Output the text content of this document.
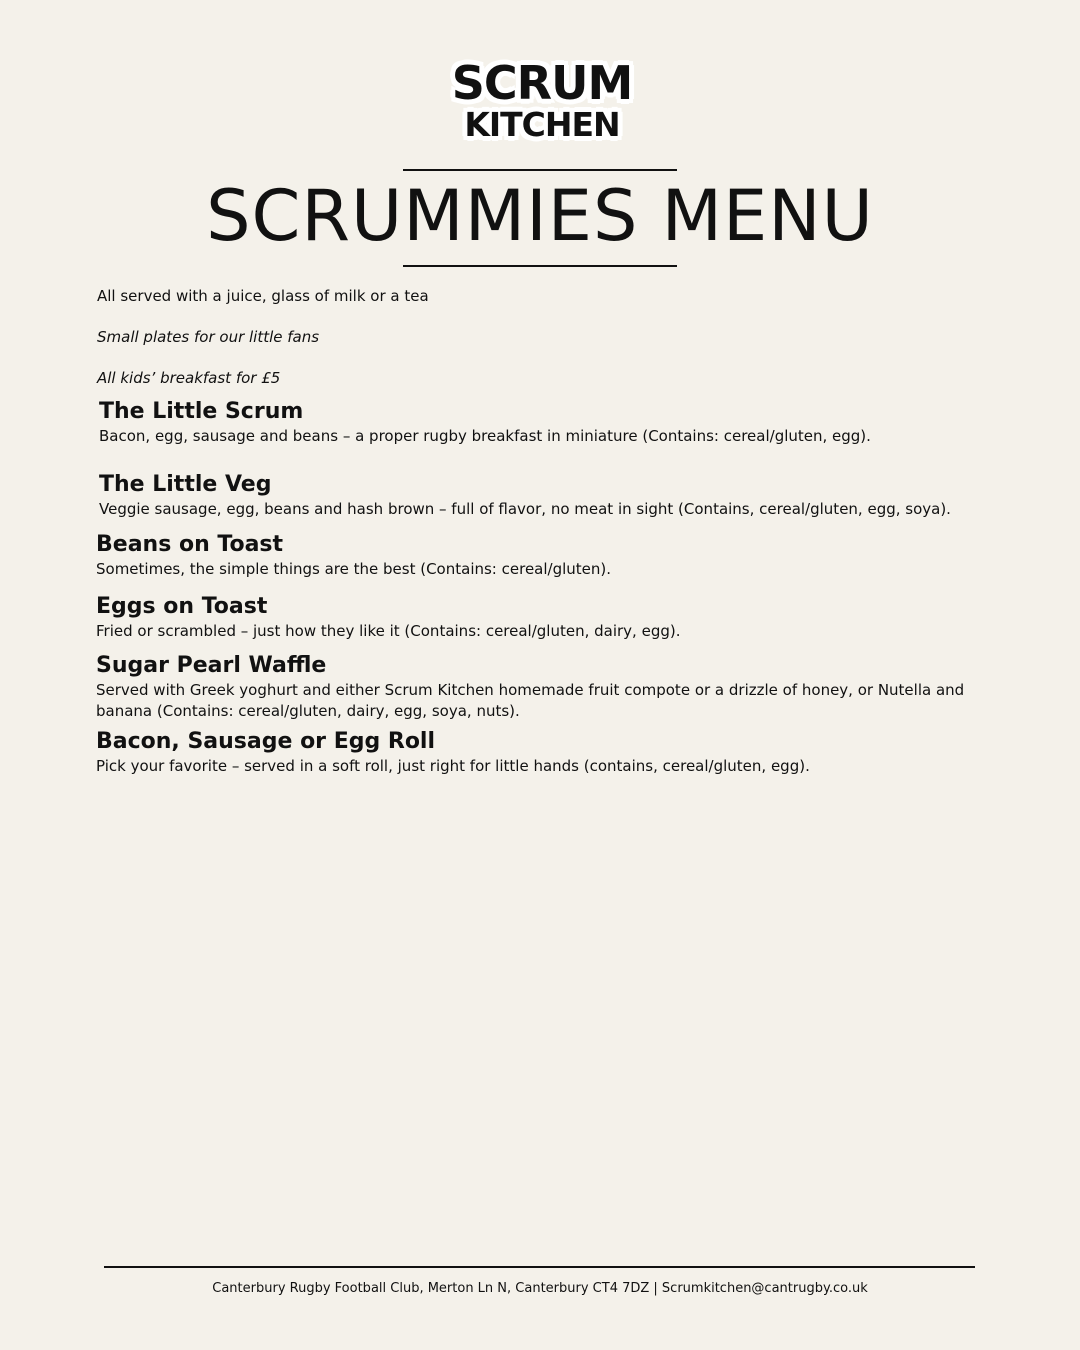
SCRUM
KITCHEN
SCRUMMIES MENU

All served with a juice, glass of milk or a tea

Small plates for our little fans

All kids’ breakfast for £5

The Little Scrum

Bacon, egg, sausage and beans – a proper rugby breakfast in miniature (Contains: cereal/gluten, egg).

The Little Veg

Veggie sausage, egg, beans and hash brown – full of flavor, no meat in sight (Contains, cereal/gluten, egg, soya).

Beans on Toast

Sometimes, the simple things are the best (Contains: cereal/gluten).

Eggs on Toast

Fried or scrambled – just how they like it (Contains: cereal/gluten, dairy, egg).

Sugar Pearl Waffle

Served with Greek yoghurt and either Scrum Kitchen homemade fruit compote or a drizzle of honey, or Nutella and banana (Contains: cereal/gluten, dairy, egg, soya, nuts).

Bacon, Sausage or Egg Roll

Pick your favorite – served in a soft roll, just right for little hands (contains, cereal/gluten, egg).

Canterbury Rugby Football Club, Merton Ln N, Canterbury CT4 7DZ | Scrumkitchen@cantrugby.co.uk
